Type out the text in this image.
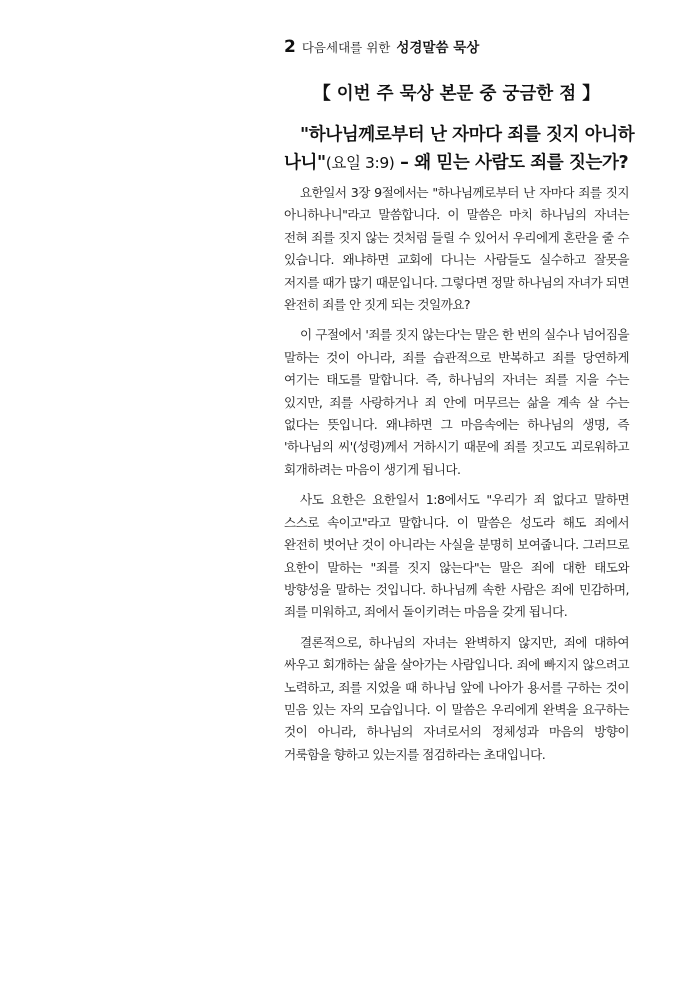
2 다음세대를 위한 성경말씀 묵상
【 이번 주 묵상 본문 중 궁금한 점 】
"하나님께로부터 난 자마다 죄를 짓지 아니하
나니"(요일 3:9) – 왜 믿는 사람도 죄를 짓는가?

요한일서 3장 9절에서는 "하나님께로부터 난 자마다 죄를 짓지 아니하나니"라고 말씀합니다. 이 말씀은 마치 하나님의 자녀는 전혀 죄를 짓지 않는 것처럼 들릴 수 있어서 우리에게 혼란을 줄 수 있습니다. 왜냐하면 교회에 다니는 사람들도 실수하고 잘못을 저지를 때가 많기 때문입니다. 그렇다면 정말 하나님의 자녀가 되면 완전히 죄를 안 짓게 되는 것일까요?

이 구절에서 '죄를 짓지 않는다'는 말은 한 번의 실수나 넘어짐을 말하는 것이 아니라, 죄를 습관적으로 반복하고 죄를 당연하게 여기는 태도를 말합니다. 즉, 하나님의 자녀는 죄를 지을 수는 있지만, 죄를 사랑하거나 죄 안에 머무르는 삶을 계속 살 수는 없다는 뜻입니다. 왜냐하면 그 마음속에는 하나님의 생명, 즉 '하나님의 씨'(성령)께서 거하시기 때문에 죄를 짓고도 괴로워하고 회개하려는 마음이 생기게 됩니다.

사도 요한은 요한일서 1:8에서도 "우리가 죄 없다고 말하면 스스로 속이고"라고 말합니다. 이 말씀은 성도라 해도 죄에서 완전히 벗어난 것이 아니라는 사실을 분명히 보여줍니다. 그러므로 요한이 말하는 "죄를 짓지 않는다"는 말은 죄에 대한 태도와 방향성을 말하는 것입니다. 하나님께 속한 사람은 죄에 민감하며, 죄를 미워하고, 죄에서 돌이키려는 마음을 갖게 됩니다.

결론적으로, 하나님의 자녀는 완벽하지 않지만, 죄에 대하여 싸우고 회개하는 삶을 살아가는 사람입니다. 죄에 빠지지 않으려고 노력하고, 죄를 지었을 때 하나님 앞에 나아가 용서를 구하는 것이 믿음 있는 자의 모습입니다. 이 말씀은 우리에게 완벽을 요구하는 것이 아니라, 하나님의 자녀로서의 정체성과 마음의 방향이 거룩함을 향하고 있는지를 점검하라는 초대입니다.
